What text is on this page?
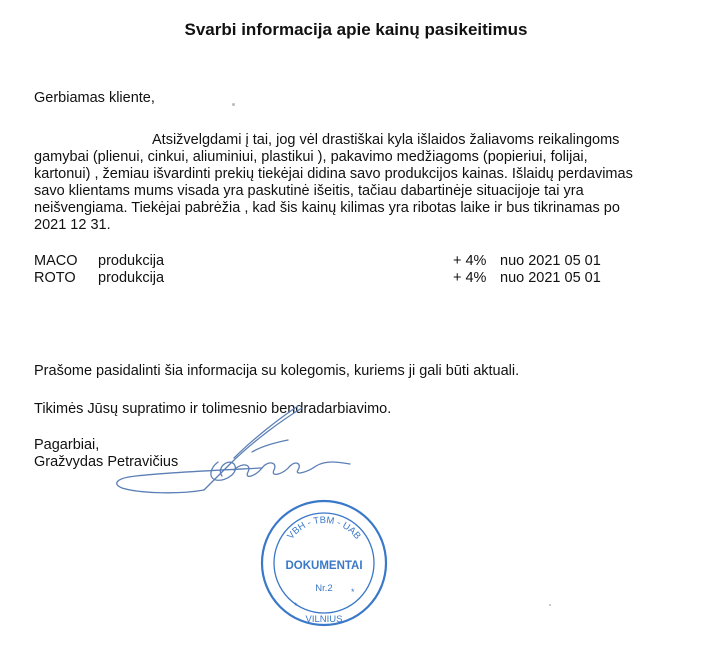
Svarbi informacija apie kainų pasikeitimus
Gerbiamas kliente,
Atsižvelgdami į tai, jog vėl drastiškai kyla išlaidos žaliavoms reikalingoms
gamybai (plienui, cinkui, aliuminiui, plastikui ), pakavimo medžiagoms (popieriui, folijai,
kartonui) , žemiau išvardinti prekių tiekėjai didina savo produkcijos kainas. Išlaidų perdavimas
savo klientams mums visada yra paskutinė išeitis, tačiau dabartinėje situacijoje tai yra
neišvengiama. Tiekėjai pabrėžia , kad šis kainų kilimas yra ribotas laike ir bus tikrinamas po
2021 12 31.
MACO produkcija	+ 4% nuo 2021 05 01
ROTO produkcija	+ 4% nuo 2021 05 01
Prašome pasidalinti šia informacija su kolegomis, kuriems ji gali būti aktuali.
Tikimės Jūsų supratimo ir tolimesnio bendradarbiavimo.
Pagarbiai,
Gražvydas Petravičius
VBH - TBM - UAB
DOKUMENTAI
Nr.2
*
*
VILNIUS
